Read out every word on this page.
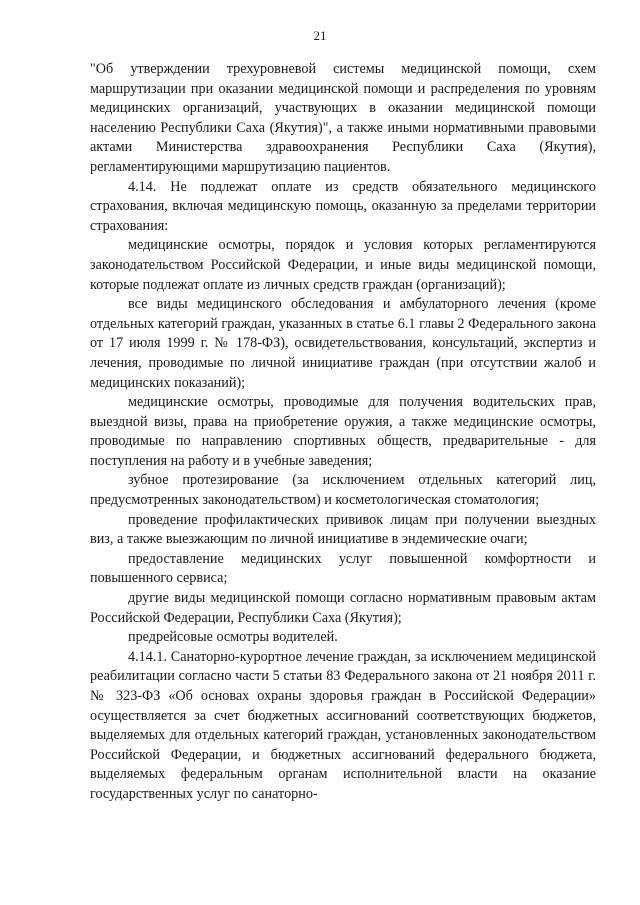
21

"Об утверждении трехуровневой системы медицинской помощи, схем маршрутизации при оказании медицинской помощи и распределения по уровням медицинских организаций, участвующих в оказании медицинской помощи населению Республики Саха (Якутия)", а также иными нормативными правовыми актами Министерства здравоохранения Республики Саха (Якутия), регламентирующими маршрутизацию пациентов.

4.14. Не подлежат оплате из средств обязательного медицинского страхования, включая медицинскую помощь, оказанную за пределами территории страхования:

медицинские осмотры, порядок и условия которых регламентируются законодательством Российской Федерации, и иные виды медицинской помощи, которые подлежат оплате из личных средств граждан (организаций);

все виды медицинского обследования и амбулаторного лечения (кроме отдельных категорий граждан, указанных в статье 6.1 главы 2 Федерального закона от 17 июля 1999 г. № 178-ФЗ), освидетельствования, консультаций, экспертиз и лечения, проводимые по личной инициативе граждан (при отсутствии жалоб и медицинских показаний);

медицинские осмотры, проводимые для получения водительских прав, выездной визы, права на приобретение оружия, а также медицинские осмотры, проводимые по направлению спортивных обществ, предварительные - для поступления на работу и в учебные заведения;

зубное протезирование (за исключением отдельных категорий лиц, предусмотренных законодательством) и косметологическая стоматология;

проведение профилактических прививок лицам при получении выездных виз, а также выезжающим по личной инициативе в эндемические очаги;

предоставление медицинских услуг повышенной комфортности и повышенного сервиса;

другие виды медицинской помощи согласно нормативным правовым актам Российской Федерации, Республики Саха (Якутия);

предрейсовые осмотры водителей.

4.14.1. Санаторно-курортное лечение граждан, за исключением медицинской реабилитации согласно части 5 статьи 83 Федерального закона от 21 ноября 2011 г. № 323-ФЗ «Об основах охраны здоровья граждан в Российской Федерации» осуществляется за счет бюджетных ассигнований соответствующих бюджетов, выделяемых для отдельных категорий граждан, установленных законодательством Российской Федерации, и бюджетных ассигнований федерального бюджета, выделяемых федеральным органам исполнительной власти на оказание государственных услуг по санаторно-
